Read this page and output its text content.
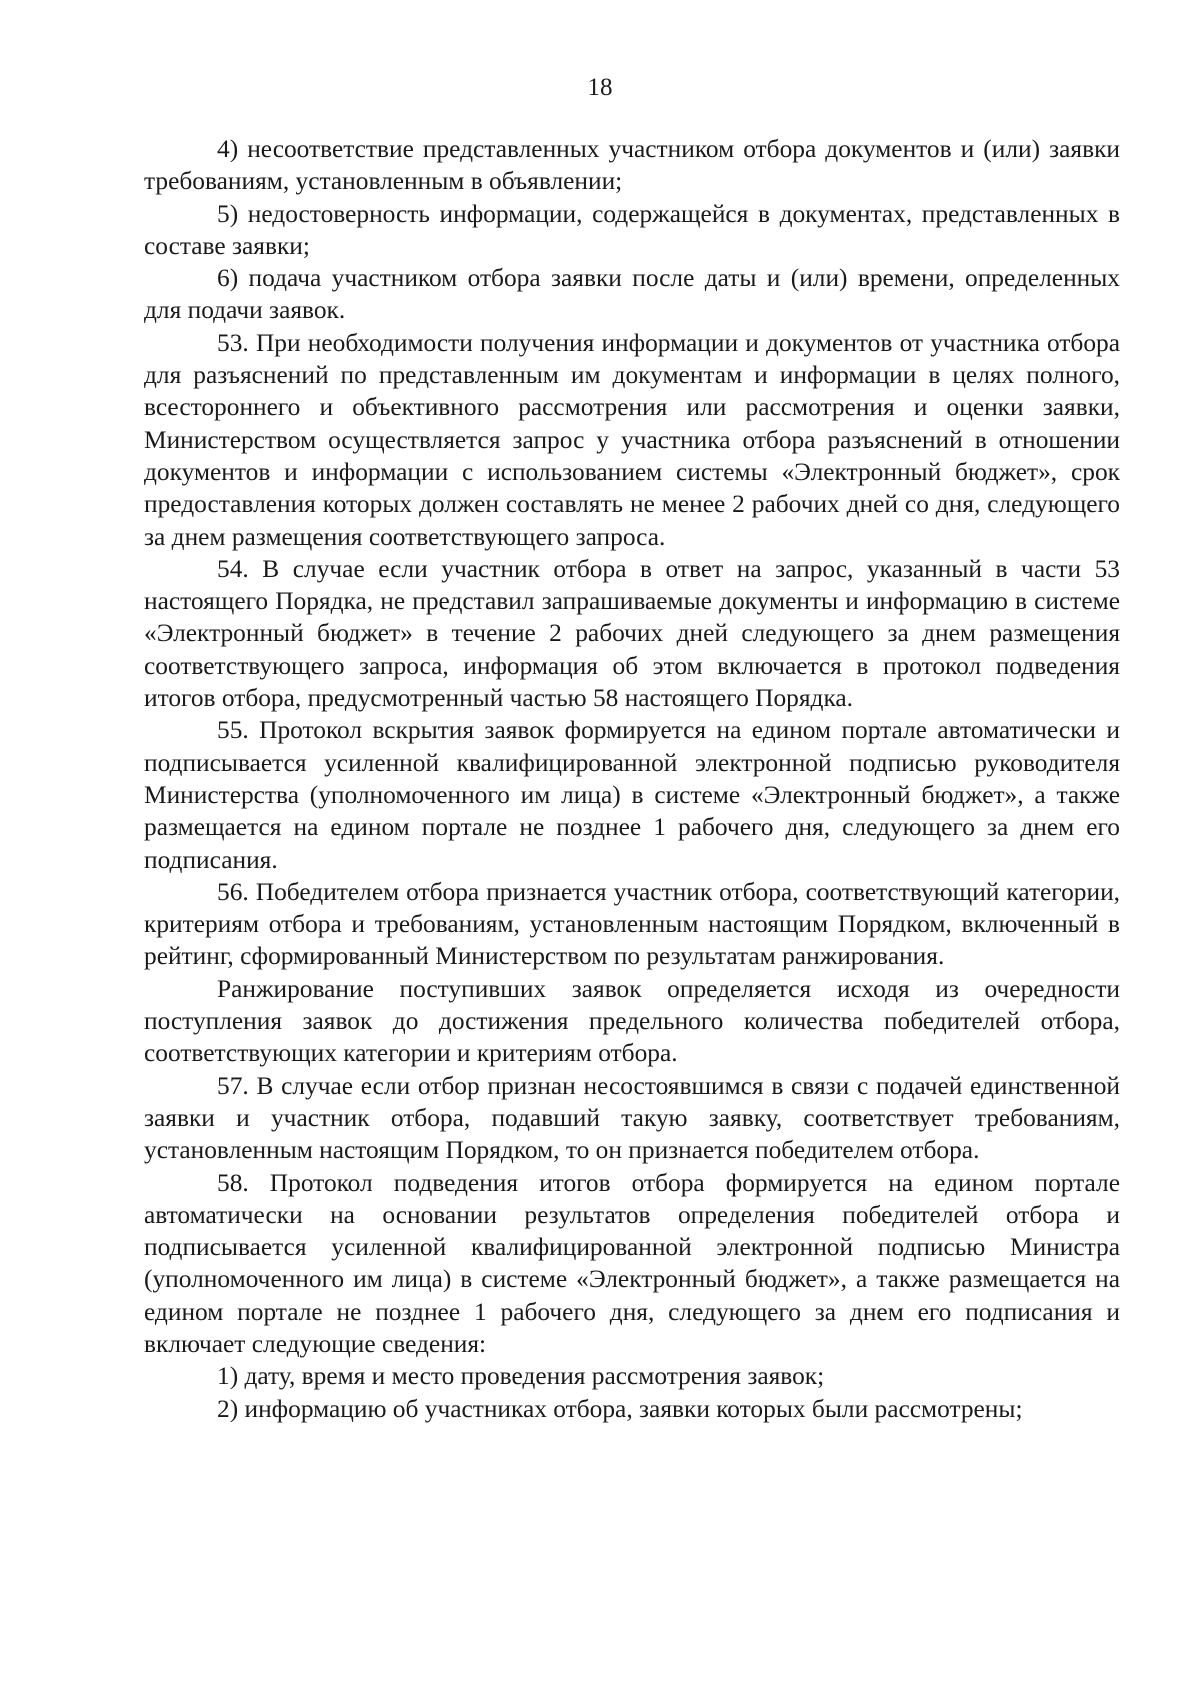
18

4) несоответствие представленных участником отбора документов и (или) заявки требованиям, установленным в объявлении;

5) недостоверность информации, содержащейся в документах, представленных в составе заявки;

6) подача участником отбора заявки после даты и (или) времени, определенных для подачи заявок.

53. При необходимости получения информации и документов от участника отбора для разъяснений по представленным им документам и информации в целях полного, всестороннего и объективного рассмотрения или рассмотрения и оценки заявки, Министерством осуществляется запрос у участника отбора разъяснений в отношении документов и информации с использованием системы «Электронный бюджет», срок предоставления которых должен составлять не менее 2 рабочих дней со дня, следующего за днем размещения соответствующего запроса.

54. В случае если участник отбора в ответ на запрос, указанный в части 53 настоящего Порядка, не представил запрашиваемые документы и информацию в системе «Электронный бюджет» в течение 2 рабочих дней следующего за днем размещения соответствующего запроса, информация об этом включается в протокол подведения итогов отбора, предусмотренный частью 58 настоящего Порядка.

55. Протокол вскрытия заявок формируется на едином портале автоматически и подписывается усиленной квалифицированной электронной подписью руководителя Министерства (уполномоченного им лица) в системе «Электронный бюджет», а также размещается на едином портале не позднее 1 рабочего дня, следующего за днем его подписания.

56. Победителем отбора признается участник отбора, соответствующий категории, критериям отбора и требованиям, установленным настоящим Порядком, включенный в рейтинг, сформированный Министерством по результатам ранжирования.

Ранжирование поступивших заявок определяется исходя из очередности поступления заявок до достижения предельного количества победителей отбора, соответствующих категории и критериям отбора.

57. В случае если отбор признан несостоявшимся в связи с подачей единственной заявки и участник отбора, подавший такую заявку, соответствует требованиям, установленным настоящим Порядком, то он признается победителем отбора.

58. Протокол подведения итогов отбора формируется на едином портале автоматически на основании результатов определения победителей отбора и подписывается усиленной квалифицированной электронной подписью Министра (уполномоченного им лица) в системе «Электронный бюджет», а также размещается на едином портале не позднее 1 рабочего дня, следующего за днем его подписания и включает следующие сведения:

1) дату, время и место проведения рассмотрения заявок;

2) информацию об участниках отбора, заявки которых были рассмотрены;
